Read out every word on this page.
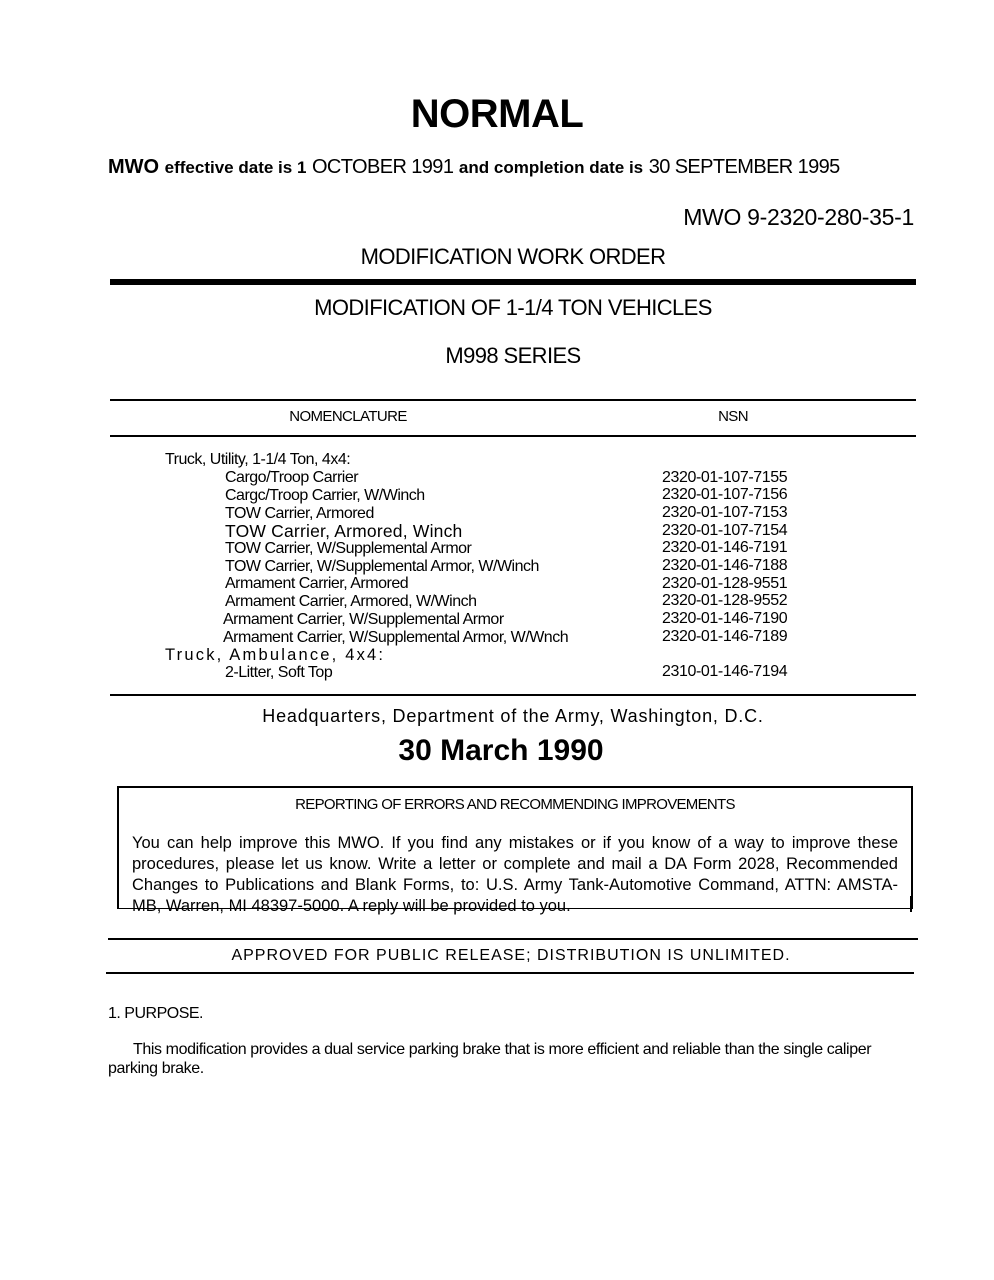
NORMAL
MWO effective date is 1 OCTOBER 1991 and completion date is 30 SEPTEMBER 1995
MWO 9-2320-280-35-1
MODIFICATION WORK ORDER
MODIFICATION OF 1-1/4 TON VEHICLES
M998 SERIES
NOMENCLATURE	NSN
Truck, Utility, 1-1/4 Ton, 4x4:
Cargo/Troop Carrier	2320-01-107-7155
Cargc/Troop Carrier, W/Winch	2320-01-107-7156
TOW Carrier, Armored	2320-01-107-7153
TOW Carrier, Armored, Winch	2320-01-107-7154
TOW Carrier, W/Supplemental Armor	2320-01-146-7191
TOW Carrier, W/Supplemental Armor, W/Winch	2320-01-146-7188
Armament Carrier, Armored	2320-01-128-9551
Armament Carrier, Armored, W/Winch	2320-01-128-9552
Armament Carrier, W/Supplemental Armor	2320-01-146-7190
Armament Carrier, W/Supplemental Armor, W/Wnch	2320-01-146-7189
Truck, Ambulance, 4x4:
2-Litter, Soft Top	2310-01-146-7194
Headquarters, Department of the Army, Washington, D.C.
30 March 1990
REPORTING OF ERRORS AND RECOMMENDING IMPROVEMENTS
You can help improve this MWO. If you find any mistakes or if you know of a way to improve these procedures, please let us know. Write a letter or complete and mail a DA Form 2028, Recommended Changes to Publications and Blank Forms, to: U.S. Army Tank-Automotive Command, ATTN: AMSTA-MB, Warren, MI 48397-5000. A reply will be provided to you.
APPROVED FOR PUBLIC RELEASE; DISTRIBUTION IS UNLIMITED.
1. PURPOSE.
This modification provides a dual service parking brake that is more efficient and reliable than the single caliper parking brake.
